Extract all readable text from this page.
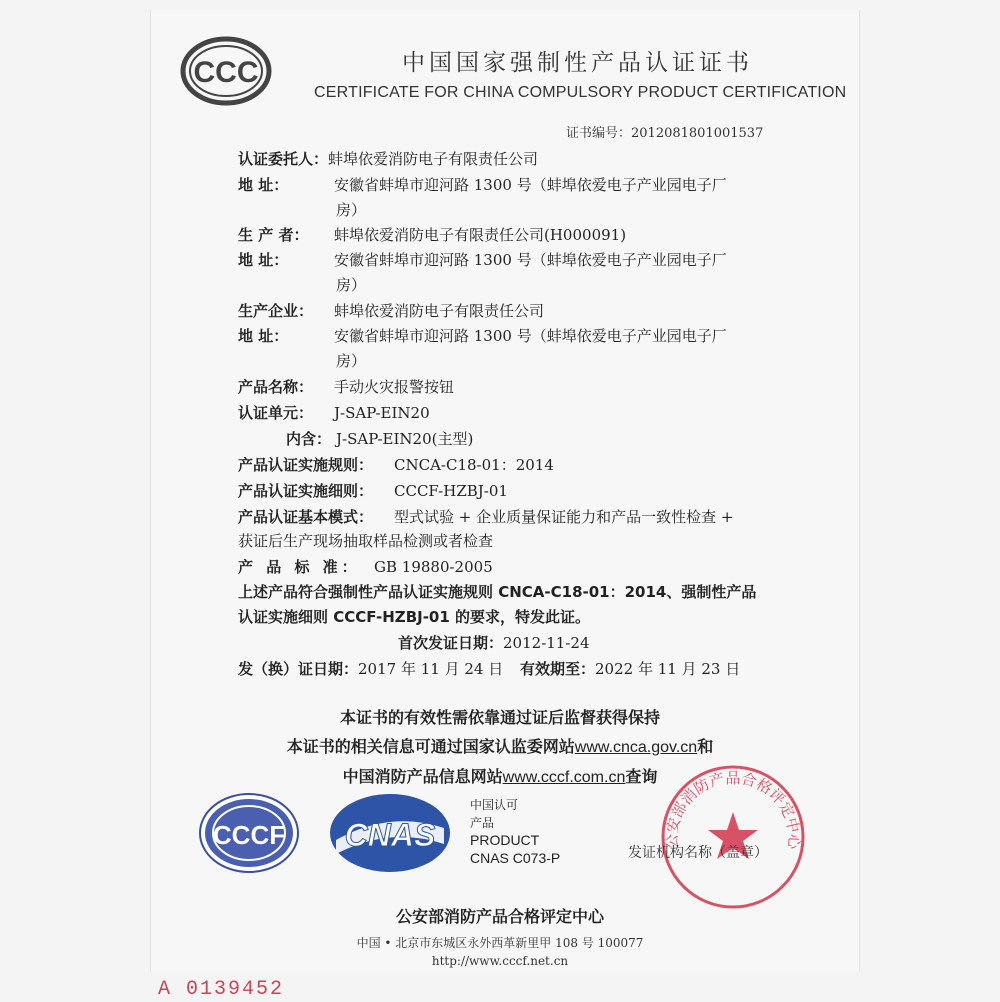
CCC	中国国家强制性产品认证证书
CERTIFICATE FOR CHINA COMPULSORY PRODUCT CERTIFICATION
证书编号：2012081801001537
认证委托人：蚌埠依爱消防电子有限责任公司
地 址：	安徽省蚌埠市迎河路 1300 号（蚌埠依爱电子产业园电子厂
房）
生 产 者： 蚌埠依爱消防电子有限责任公司(H000091)
地 址：	安徽省蚌埠市迎河路 1300 号（蚌埠依爱电子产业园电子厂
房）
生产企业： 蚌埠依爱消防电子有限责任公司
地 址：	安徽省蚌埠市迎河路 1300 号（蚌埠依爱电子产业园电子厂
房）
产品名称： 手动火灾报警按钮
认证单元： J-SAP-EIN20
内含： J-SAP-EIN20(主型)
产品认证实施规则： CNCA-C18-01：2014
产品认证实施细则： CCCF-HZBJ-01
产品认证基本模式： 型式试验 + 企业质量保证能力和产品一致性检查 +
获证后生产现场抽取样品检测或者检查
产 品 标 准： GB 19880-2005
上述产品符合强制性产品认证实施规则 CNCA-C18-01：2014、强制性产品
认证实施细则 CCCF-HZBJ-01 的要求，特发此证。
首次发证日期：2012-11-24
发（换）证日期：2017 年 11 月 24 日 有效期至：2022 年 11 月 23 日
本证书的有效性需依靠通过证后监督获得保持
本证书的相关信息可通过国家认监委网站www.cnca.gov.cn和
中国消防产品信息网站www.cccf.com.cn查询
CCCF CNAS
中国认可
产品
PRODUCT
CNAS C073-P
公安部消防产品合格评定中心
发证机构名称（盖章）
公安部消防产品合格评定中心
中国 • 北京市东城区永外西革新里甲 108 号 100077
http://www.cccf.net.cn
A 0139452
